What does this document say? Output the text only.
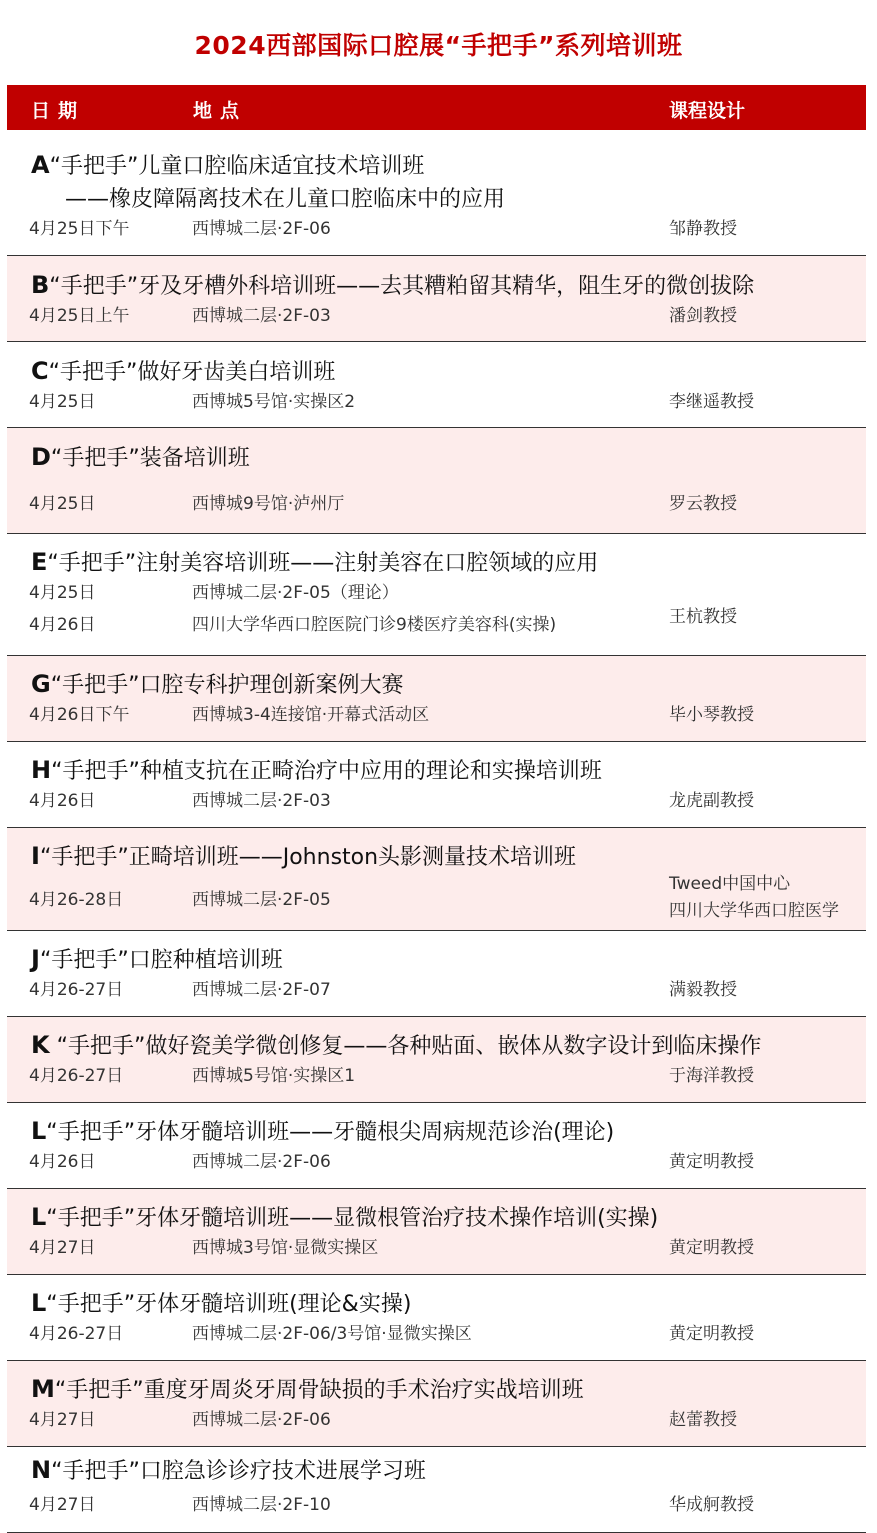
2024西部国际口腔展“手把手”系列培训班
日期	地点	课程设计
A“手把手”儿童口腔临床适宜技术培训班
——橡皮障隔离技术在儿童口腔临床中的应用
4月25日下午	西博城二层·2F-06	邹静教授
B“手把手”牙及牙槽外科培训班——去其糟粕留其精华，阻生牙的微创拔除
4月25日上午	西博城二层·2F-03	潘剑教授
C“手把手”做好牙齿美白培训班
4月25日	西博城5号馆·实操区2	李继遥教授
D“手把手”装备培训班
4月25日	西博城9号馆·泸州厅	罗云教授
E“手把手”注射美容培训班——注射美容在口腔领域的应用
4月25日	西博城二层·2F-05（理论）
4月26日	四川大学华西口腔医院门诊9楼医疗美容科(实操)	王杭教授
G“手把手”口腔专科护理创新案例大赛
4月26日下午	西博城3-4连接馆·开幕式活动区	毕小琴教授
H“手把手”种植支抗在正畸治疗中应用的理论和实操培训班
4月26日	西博城二层·2F-03	龙虎副教授
I“手把手”正畸培训班——Johnston头影测量技术培训班
4月26-28日	西博城二层·2F-05
Tweed中国中心
四川大学华西口腔医学
J“手把手”口腔种植培训班
4月26-27日	西博城二层·2F-07	满毅教授
K “手把手”做好瓷美学微创修复——各种贴面、嵌体从数字设计到临床操作
4月26-27日	西博城5号馆·实操区1	于海洋教授
L“手把手”牙体牙髓培训班——牙髓根尖周病规范诊治(理论)
4月26日	西博城二层·2F-06	黄定明教授
L“手把手”牙体牙髓培训班——显微根管治疗技术操作培训(实操)
4月27日	西博城3号馆·显微实操区	黄定明教授
L“手把手”牙体牙髓培训班(理论&实操)
4月26-27日	西博城二层·2F-06/3号馆·显微实操区	黄定明教授
M“手把手”重度牙周炎牙周骨缺损的手术治疗实战培训班
4月27日	西博城二层·2F-06	赵蕾教授
N“手把手”口腔急诊诊疗技术进展学习班
4月27日	西博城二层·2F-10	华成舸教授
